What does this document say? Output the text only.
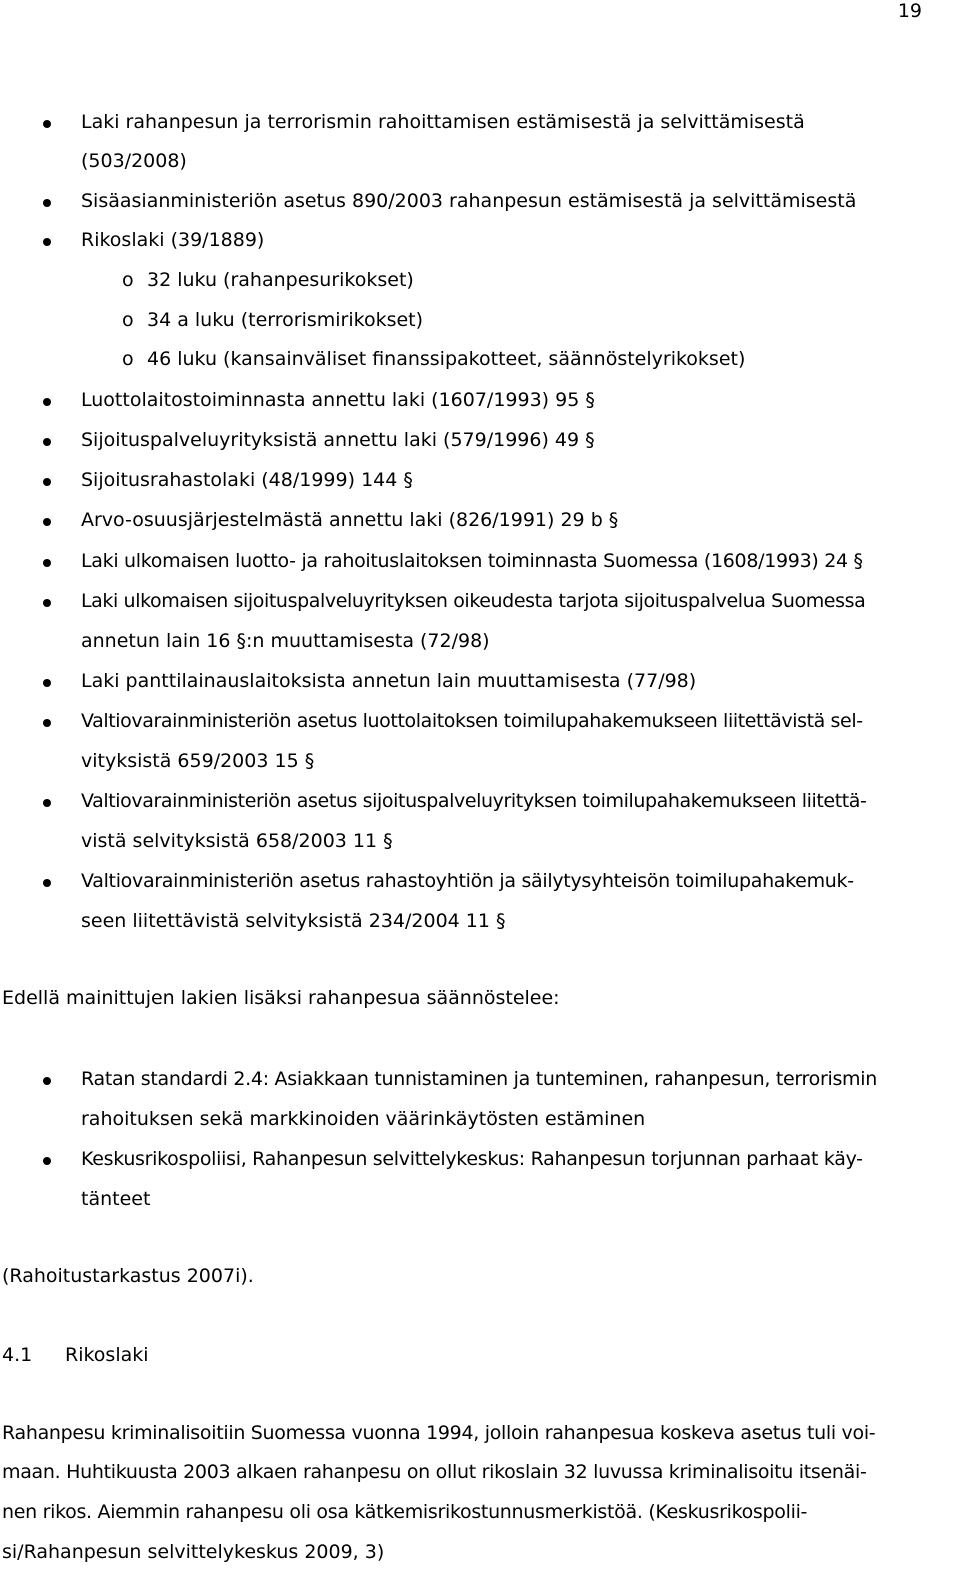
19
Laki rahanpesun ja terrorismin rahoittamisen estämisestä ja selvittämisestä
(503/2008)
Sisäasianministeriön asetus 890/2003 rahanpesun estämisestä ja selvittämisestä
Rikoslaki (39/1889)
o 32 luku (rahanpesurikokset)
o 34 a luku (terrorismirikokset)
o 46 luku (kansainväliset finanssipakotteet, säännöstelyrikokset)
Luottolaitostoiminnasta annettu laki (1607/1993) 95 §
Sijoituspalveluyrityksistä annettu laki (579/1996) 49 §
Sijoitusrahastolaki (48/1999) 144 §
Arvo-osuusjärjestelmästä annettu laki (826/1991) 29 b §
Laki ulkomaisen luotto- ja rahoituslaitoksen toiminnasta Suomessa (1608/1993) 24 §
Laki ulkomaisen sijoituspalveluyrityksen oikeudesta tarjota sijoituspalvelua Suomessa
annetun lain 16 §:n muuttamisesta (72/98)
Laki panttilainauslaitoksista annetun lain muuttamisesta (77/98)
Valtiovarainministeriön asetus luottolaitoksen toimilupahakemukseen liitettävistä sel-
vityksistä 659/2003 15 §
Valtiovarainministeriön asetus sijoituspalveluyrityksen toimilupahakemukseen liitettä-
vistä selvityksistä 658/2003 11 §
Valtiovarainministeriön asetus rahastoyhtiön ja säilytysyhteisön toimilupahakemuk-
seen liitettävistä selvityksistä 234/2004 11 §
Edellä mainittujen lakien lisäksi rahanpesua säännöstelee:
Ratan standardi 2.4: Asiakkaan tunnistaminen ja tunteminen, rahanpesun, terrorismin
rahoituksen sekä markkinoiden väärinkäytösten estäminen
Keskusrikospoliisi, Rahanpesun selvittelykeskus: Rahanpesun torjunnan parhaat käy-
tänteet
(Rahoitustarkastus 2007i).
4.1 Rikoslaki
Rahanpesu kriminalisoitiin Suomessa vuonna 1994, jolloin rahanpesua koskeva asetus tuli voi-
maan. Huhtikuusta 2003 alkaen rahanpesu on ollut rikoslain 32 luvussa kriminalisoitu itsenäi-
nen rikos. Aiemmin rahanpesu oli osa kätkemisrikostunnusmerkistöä. (Keskusrikospolii-
si/Rahanpesun selvittelykeskus 2009, 3)
